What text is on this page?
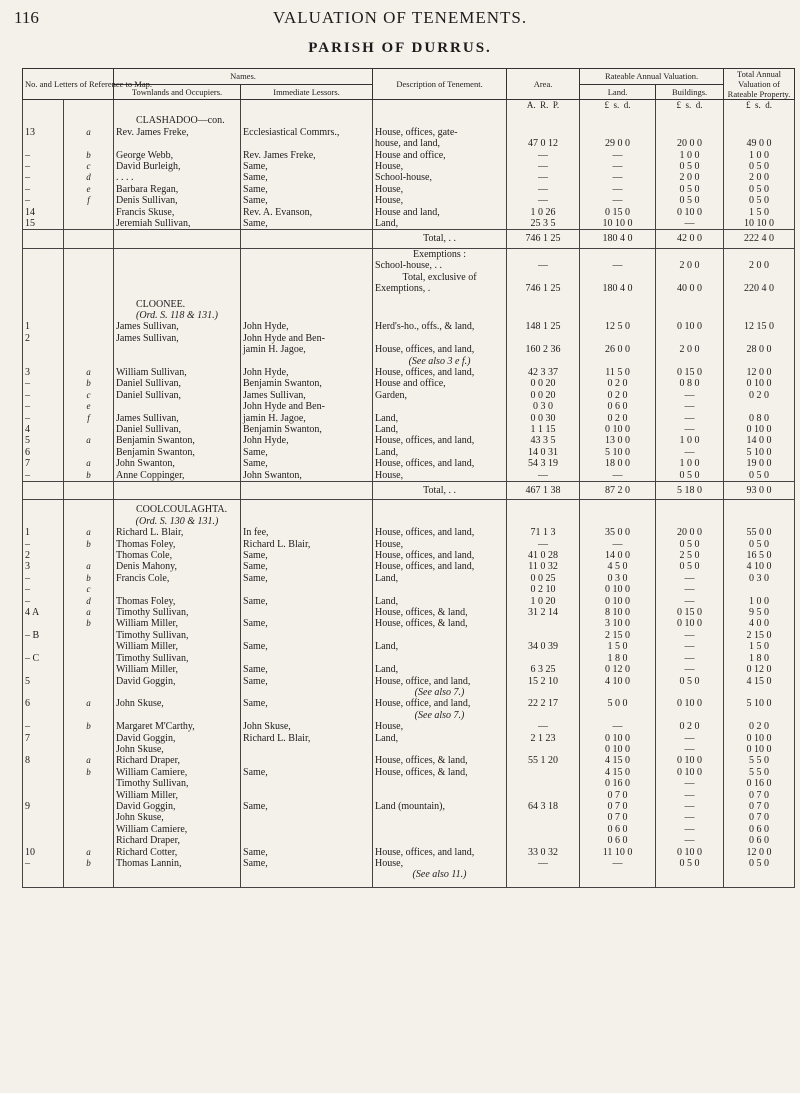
116	VALUATION OF TENEMENTS.
PARISH OF DURRUS.
No. and Letters of Reference to Map.		Names.		Description of Tenement.	Area.	Rateable Annual Valuation.		Total Annual Valuation of Rateable Property.
		Townlands and Occupiers.	Immediate Lessors.			Land.	Buildings.	
					A. R. P.	£ s. d.	£ s. d.	£ s. d.
		CLASHADOO—con.						
13	a	Rev. James Freke,	Ecclesiastical Commrs.,	House, offices, gate-				
				house, and land,	47 0 12	29 0 0	20 0 0	49 0 0
–	b	George Webb,	Rev. James Freke,	House and office,	—	—	1 0 0	1 0 0
–	c	David Burleigh,	Same,	House,	—	—	0 5 0	0 5 0
–	d	. . . .	Same,	School-house,	—	—	2 0 0	2 0 0
–	e	Barbara Regan,	Same,	House,	—	—	0 5 0	0 5 0
–	f	Denis Sullivan,	Same,	House,	—	—	0 5 0	0 5 0
14		Francis Skuse,	Rev. A. Evanson,	House and land,	1 0 26	0 15 0	0 10 0	1 5 0
15		Jeremiah Sullivan,	Same,	Land,	25 3 5	10 10 0	—	10 10 0
				Total, . .	746 1 25	180 4 0	42 0 0	222 4 0
				Exemptions :				
				School-house, . .	—	—	2 0 0	2 0 0
				Total, exclusive of				
				Exemptions, .	746 1 25	180 4 0	40 0 0	220 4 0
		CLOONEE.						
		(Ord. S. 118 & 131.)						
1		James Sullivan,	John Hyde,	Herd's-ho., offs., & land,	148 1 25	12 5 0	0 10 0	12 15 0
2		James Sullivan,	John Hyde and Ben-					
			jamin H. Jagoe,	House, offices, and land,	160 2 36	26 0 0	2 0 0	28 0 0
				(See also 3 e f.)				
3	a	William Sullivan,	John Hyde,	House, offices, and land,	42 3 37	11 5 0	0 15 0	12 0 0
–	b	Daniel Sullivan,	Benjamin Swanton,	House and office,	0 0 20	0 2 0	0 8 0	0 10 0
–	c	Daniel Sullivan,	James Sullivan,	Garden,	0 0 20	0 2 0	—	0 2 0
–	e		John Hyde and Ben-		0 3 0	0 6 0	—	
–	f	James Sullivan,	jamin H. Jagoe,	Land,	0 0 30	0 2 0	—	0 8 0
4		Daniel Sullivan,	Benjamin Swanton,	Land,	1 1 15	0 10 0	—	0 10 0
5	a	Benjamin Swanton,	John Hyde,	House, offices, and land,	43 3 5	13 0 0	1 0 0	14 0 0
6		Benjamin Swanton,	Same,	Land,	14 0 31	5 10 0	—	5 10 0
7	a	John Swanton,	Same,	House, offices, and land,	54 3 19	18 0 0	1 0 0	19 0 0
–	b	Anne Coppinger,	John Swanton,	House,	—	—	0 5 0	0 5 0
				Total, . .	467 1 38	87 2 0	5 18 0	93 0 0
		COOLCOULAGHTA.						
		(Ord. S. 130 & 131.)						
1	a	Richard L. Blair,	In fee,	House, offices, and land,	71 1 3	35 0 0	20 0 0	55 0 0
–	b	Thomas Foley,	Richard L. Blair,	House,	—	—	0 5 0	0 5 0
2		Thomas Cole,	Same,	House, offices, and land,	41 0 28	14 0 0	2 5 0	16 5 0
3	a	Denis Mahony,	Same,	House, offices, and land,	11 0 32	4 5 0	0 5 0	4 10 0
–	b	Francis Cole,	Same,	Land,	0 0 25	0 3 0	—	0 3 0
–	c				0 2 10	0 10 0	—	
–	d	Thomas Foley,	Same,	Land,	1 0 20	0 10 0	—	1 0 0
4 A	a	Timothy Sullivan,		House, offices, & land,	31 2 14	8 10 0	0 15 0	9 5 0
	b	William Miller,	Same,	House, offices, & land,		3 10 0	0 10 0	4 0 0
– B		Timothy Sullivan,				2 15 0	—	2 15 0
		William Miller,	Same,	Land,	34 0 39	1 5 0	—	1 5 0
– C		Timothy Sullivan,				1 8 0	—	1 8 0
		William Miller,	Same,	Land,	6 3 25	0 12 0	—	0 12 0
5		David Goggin,	Same,	House, office, and land,	15 2 10	4 10 0	0 5 0	4 15 0
				(See also 7.)				
6	a	John Skuse,	Same,	House, office, and land,	22 2 17	5 0 0	0 10 0	5 10 0
				(See also 7.)				
–	b	Margaret M'Carthy,	John Skuse,	House,	—	—	0 2 0	0 2 0
7		David Goggin,	Richard L. Blair,	Land,	2 1 23	0 10 0	—	0 10 0
		John Skuse,				0 10 0	—	0 10 0
8	a	Richard Draper,		House, offices, & land,	55 1 20	4 15 0	0 10 0	5 5 0
	b	William Camiere,	Same,	House, offices, & land,		4 15 0	0 10 0	5 5 0
		Timothy Sullivan,				0 16 0	—	0 16 0
		William Miller,				0 7 0	—	0 7 0
9		David Goggin,	Same,	Land (mountain),	64 3 18	0 7 0	—	0 7 0
		John Skuse,				0 7 0	—	0 7 0
		William Camiere,				0 6 0	—	0 6 0
		Richard Draper,				0 6 0	—	0 6 0
10	a	Richard Cotter,	Same,	House, offices, and land,	33 0 32	11 10 0	0 10 0	12 0 0
–	b	Thomas Lannin,	Same,	House,	—	—	0 5 0	0 5 0
				(See also 11.)				
